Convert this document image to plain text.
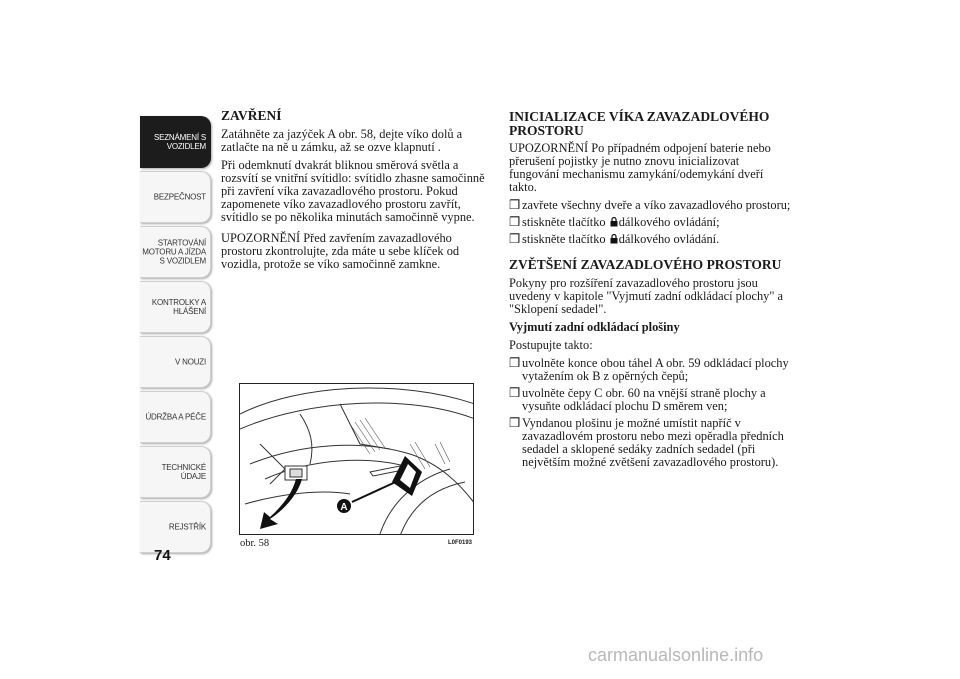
SEZNÁMENÍ S VOZIDLEM
BEZPEČNOST
STARTOVÁNÍ MOTORU A JÍZDA S VOZIDLEM
KONTROLKY A HLÁŠENÍ
V NOUZI
ÚDRŽBA A PÉČE
TECHNICKÉ ÚDAJE
REJSTŘÍK
74
ZAVŘENÍ

Zatáhněte za jazýček A obr. 58, dejte víko dolů a zatlačte na ně u zámku, až se ozve klapnutí .

Při odemknutí dvakrát bliknou směrová světla a rozsvítí se vnitřní svítidlo: svítidlo zhasne samočinně při zavření víka zavazadlového prostoru. Pokud zapomenete víko zavazadlového prostoru zavřít, svítidlo se po několika minutách samočinně vypne.

UPOZORNĚNÍ Před zavřením zavazadlového prostoru zkontrolujte, zda máte u sebe klíček od vozidla, protože se víko samočinně zamkne.

A
obr. 58	L0F0193
INICIALIZACE VÍKA ZAVAZADLOVÉHO PROSTORU

UPOZORNĚNÍ Po případném odpojení baterie nebo přerušení pojistky je nutno znovu inicializovat fungování mechanismu zamykání/odemykání dveří takto.

❒ zavřete všechny dveře a víko zavazadlového prostoru;
❒ stiskněte tlačítko dálkového ovládání;
❒ stiskněte tlačítko dálkového ovládání.
ZVĚTŠENÍ ZAVAZADLOVÉHO PROSTORU

Pokyny pro rozšíření zavazadlového prostoru jsou uvedeny v kapitole "Vyjmutí zadní odkládací plochy" a "Sklopení sedadel".

Vyjmutí zadní odkládací plošiny

Postupujte takto:

❒ uvolněte konce obou táhel A obr. 59 odkládací plochy vytažením ok B z opěrných čepů;
❒ uvolněte čepy C obr. 60 na vnější straně plochy a vysuňte odkládací plochu D směrem ven;
❒ Vyndanou plošinu je možné umístit napříč v zavazadlovém prostoru nebo mezi opěradla předních sedadel a sklopené sedáky zadních sedadel (při největším možné zvětšení zavazadlového prostoru).
carmanualsonline.info
